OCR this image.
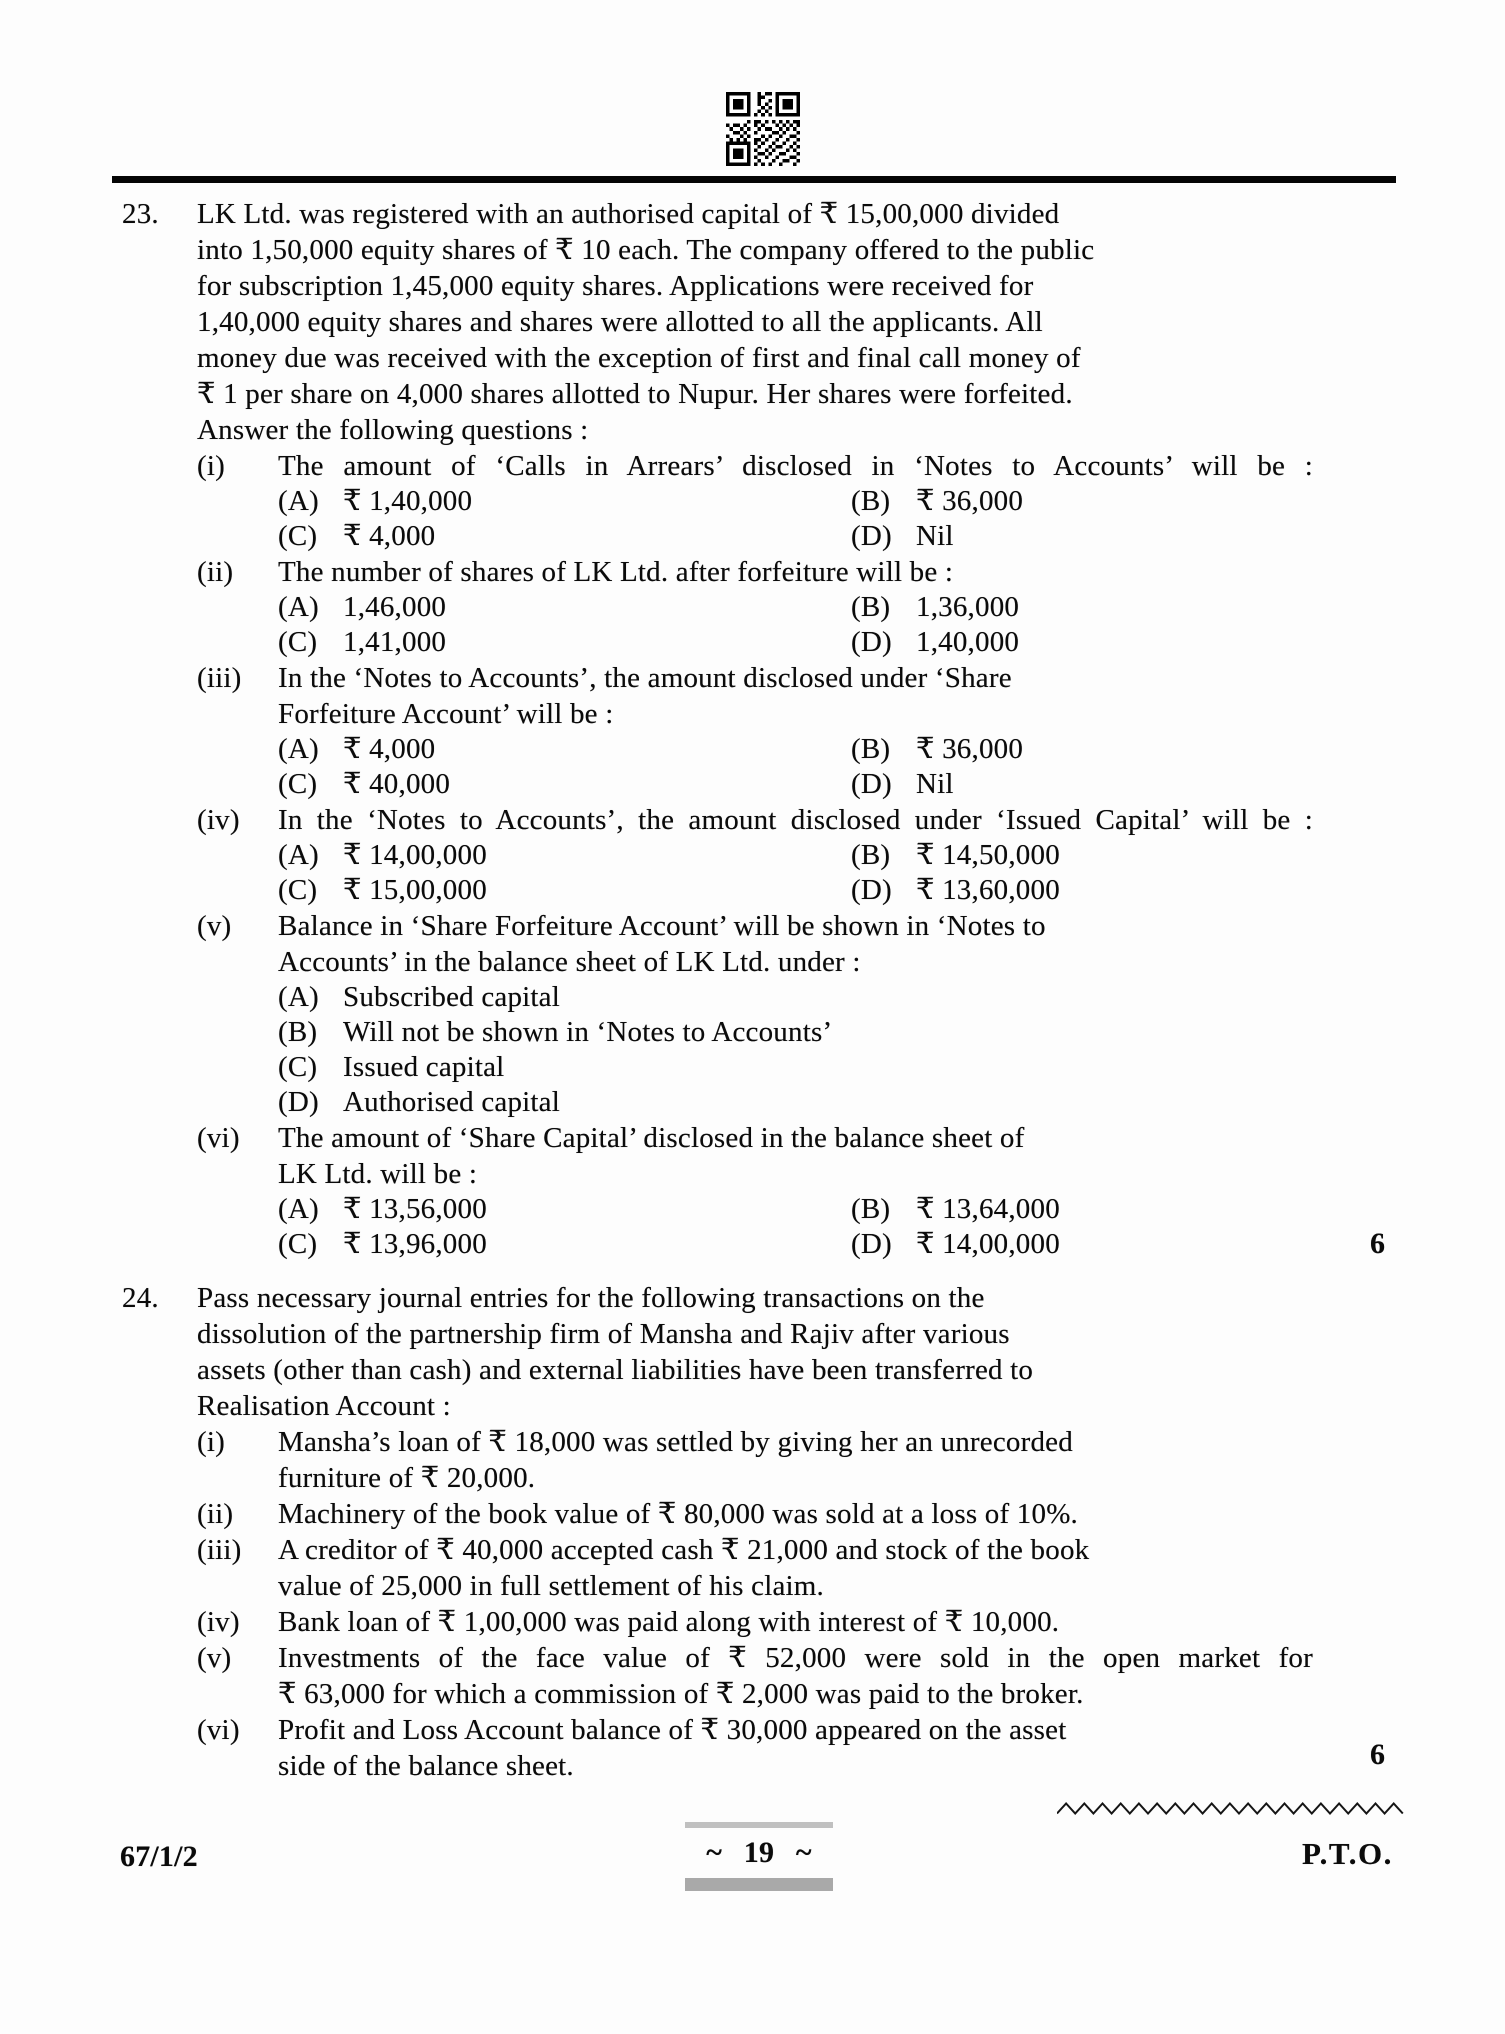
23.	LK Ltd. was registered with an authorised capital of ₹ 15,00,000 divided
into 1,50,000 equity shares of ₹ 10 each. The company offered to the public
for subscription 1,45,000 equity shares. Applications were received for
1,40,000 equity shares and shares were allotted to all the applicants. All
money due was received with the exception of first and final call money of
₹ 1 per share on 4,000 shares allotted to Nupur. Her shares were forfeited.
Answer the following questions :
(i)	The amount of ‘Calls in Arrears’ disclosed in ‘Notes to Accounts’ will be :
(A) ₹ 1,40,000	(B) ₹ 36,000
(C) ₹ 4,000	(D) Nil
(ii)	The number of shares of LK Ltd. after forfeiture will be :
(A) 1,46,000	(B) 1,36,000
(C) 1,41,000	(D) 1,40,000
(iii)	In the ‘Notes to Accounts’, the amount disclosed under ‘Share
Forfeiture Account’ will be :
(A) ₹ 4,000	(B) ₹ 36,000
(C) ₹ 40,000	(D) Nil
(iv)	In the ‘Notes to Accounts’, the amount disclosed under ‘Issued Capital’ will be :
(A) ₹ 14,00,000	(B) ₹ 14,50,000
(C) ₹ 15,00,000	(D) ₹ 13,60,000
(v)	Balance in ‘Share Forfeiture Account’ will be shown in ‘Notes to
Accounts’ in the balance sheet of LK Ltd. under :
(A) Subscribed capital
(B) Will not be shown in ‘Notes to Accounts’
(C) Issued capital
(D) Authorised capital
(vi)	The amount of ‘Share Capital’ disclosed in the balance sheet of
LK Ltd. will be :
(A) ₹ 13,56,000	(B) ₹ 13,64,000
(C) ₹ 13,96,000	(D) ₹ 14,00,000	6
24.	Pass necessary journal entries for the following transactions on the
dissolution of the partnership firm of Mansha and Rajiv after various
assets (other than cash) and external liabilities have been transferred to
Realisation Account :
(i)	Mansha’s loan of ₹ 18,000 was settled by giving her an unrecorded
furniture of ₹ 20,000.
(ii)	Machinery of the book value of ₹ 80,000 was sold at a loss of 10%.
(iii)	A creditor of ₹ 40,000 accepted cash ₹ 21,000 and stock of the book
value of 25,000 in full settlement of his claim.
(iv)	Bank loan of ₹ 1,00,000 was paid along with interest of ₹ 10,000.
(v)	Investments of the face value of ₹ 52,000 were sold in the open market for
₹ 63,000 for which a commission of ₹ 2,000 was paid to the broker.
(vi)	Profit and Loss Account balance of ₹ 30,000 appeared on the asset
side of the balance sheet.	6
67/1/2	~ 19 ~	P.T.O.
